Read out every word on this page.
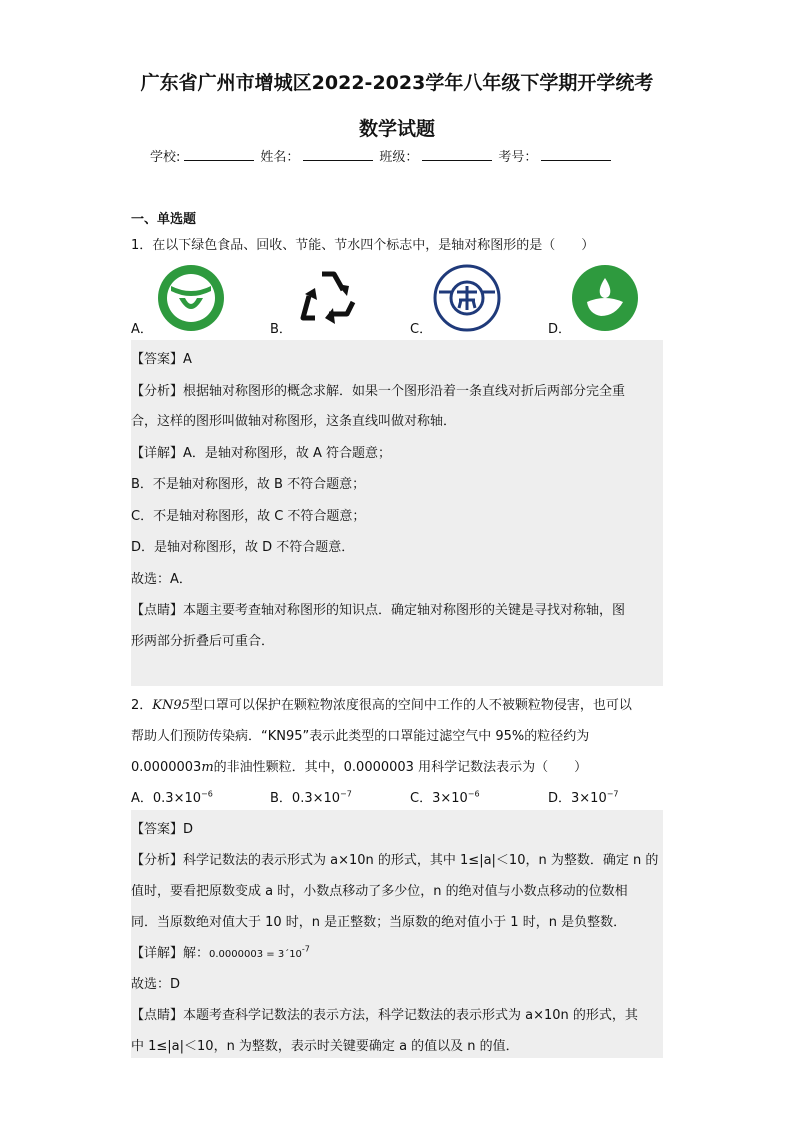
广东省广州市增城区2022-2023学年八年级下学期开学统考
数学试题
学校:	姓名：	班级：	考号：
一、单选题
1．在以下绿色食品、回收、节能、节水四个标志中，是轴对称图形的是（　　）
A．	B．	C．	D．
【答案】A
【分析】根据轴对称图形的概念求解．如果一个图形沿着一条直线对折后两部分完全重
合，这样的图形叫做轴对称图形，这条直线叫做对称轴．
【详解】A．是轴对称图形，故 A 符合题意；
B．不是轴对称图形，故 B 不符合题意；
C．不是轴对称图形，故 C 不符合题意；
D．是轴对称图形，故 D 不符合题意．
故选：A．
【点睛】本题主要考查轴对称图形的知识点．确定轴对称图形的关键是寻找对称轴，图
形两部分折叠后可重合．
2．KN95型口罩可以保护在颗粒物浓度很高的空间中工作的人不被颗粒物侵害，也可以
帮助人们预防传染病．“KN95”表示此类型的口罩能过滤空气中 95%的粒径约为
0.0000003m的非油性颗粒．其中，0.0000003 用科学记数法表示为（　　）
A．$0.3\times 10^{-6}$	B．$0.3\times 10^{-7}$	C．$3\times 10^{-6}$	D．$3\times 10^{-7}$
【答案】D
【分析】科学记数法的表示形式为 a×10n 的形式，其中 1≤|a|＜10，n 为整数．确定 n 的
值时，要看把原数变成 a 时，小数点移动了多少位，n 的绝对值与小数点移动的位数相
同．当原数绝对值大于 10 时，n 是正整数；当原数的绝对值小于 1 时，n 是负整数．
【详解】解：$0.0000003 = 3´10^{-7}$
故选：D
【点睛】本题考查科学记数法的表示方法，科学记数法的表示形式为 a×10n 的形式，其
中 1≤|a|＜10，n 为整数，表示时关键要确定 a 的值以及 n 的值．
